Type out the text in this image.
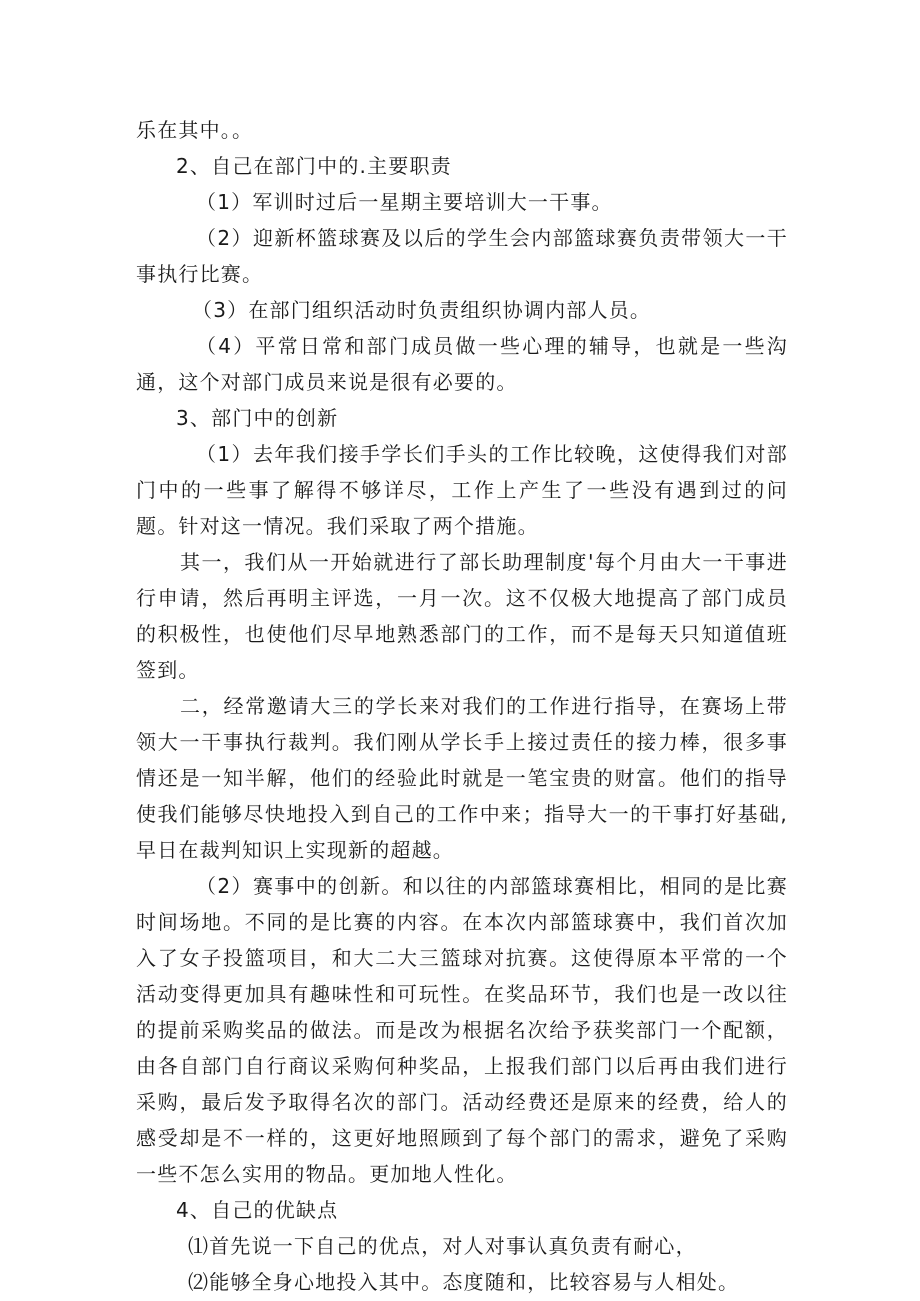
乐在其中。。

2、自己在部门中的.主要职责

（1）军训时过后一星期主要培训大一干事。

（2）迎新杯篮球赛及以后的学生会内部篮球赛负责带领大一干事执行比赛。

（3）在部门组织活动时负责组织协调内部人员。

（4）平常日常和部门成员做一些心理的辅导，也就是一些沟通，这个对部门成员来说是很有必要的。

3、部门中的创新

（1）去年我们接手学长们手头的工作比较晚，这使得我们对部门中的一些事了解得不够详尽，工作上产生了一些没有遇到过的问题。针对这一情况。我们采取了两个措施。

其一，我们从一开始就进行了部长助理制度'每个月由大一干事进行申请，然后再明主评选，一月一次。这不仅极大地提高了部门成员的积极性，也使他们尽早地熟悉部门的工作，而不是每天只知道值班签到。

二，经常邀请大三的学长来对我们的工作进行指导，在赛场上带领大一干事执行裁判。我们刚从学长手上接过责任的接力棒，很多事情还是一知半解，他们的经验此时就是一笔宝贵的财富。他们的指导使我们能够尽快地投入到自己的工作中来；指导大一的干事打好基础,早日在裁判知识上实现新的超越。

（2）赛事中的创新。和以往的内部篮球赛相比，相同的是比赛时间场地。不同的是比赛的内容。在本次内部篮球赛中，我们首次加入了女子投篮项目，和大二大三篮球对抗赛。这使得原本平常的一个活动变得更加具有趣味性和可玩性。在奖品环节，我们也是一改以往的提前采购奖品的做法。而是改为根据名次给予获奖部门一个配额，由各自部门自行商议采购何种奖品，上报我们部门以后再由我们进行采购，最后发予取得名次的部门。活动经费还是原来的经费，给人的感受却是不一样的，这更好地照顾到了每个部门的需求，避免了采购一些不怎么实用的物品。更加地人性化。

4、自己的优缺点

⑴首先说一下自己的优点，对人对事认真负责有耐心，

⑵能够全身心地投入其中。态度随和，比较容易与人相处。
